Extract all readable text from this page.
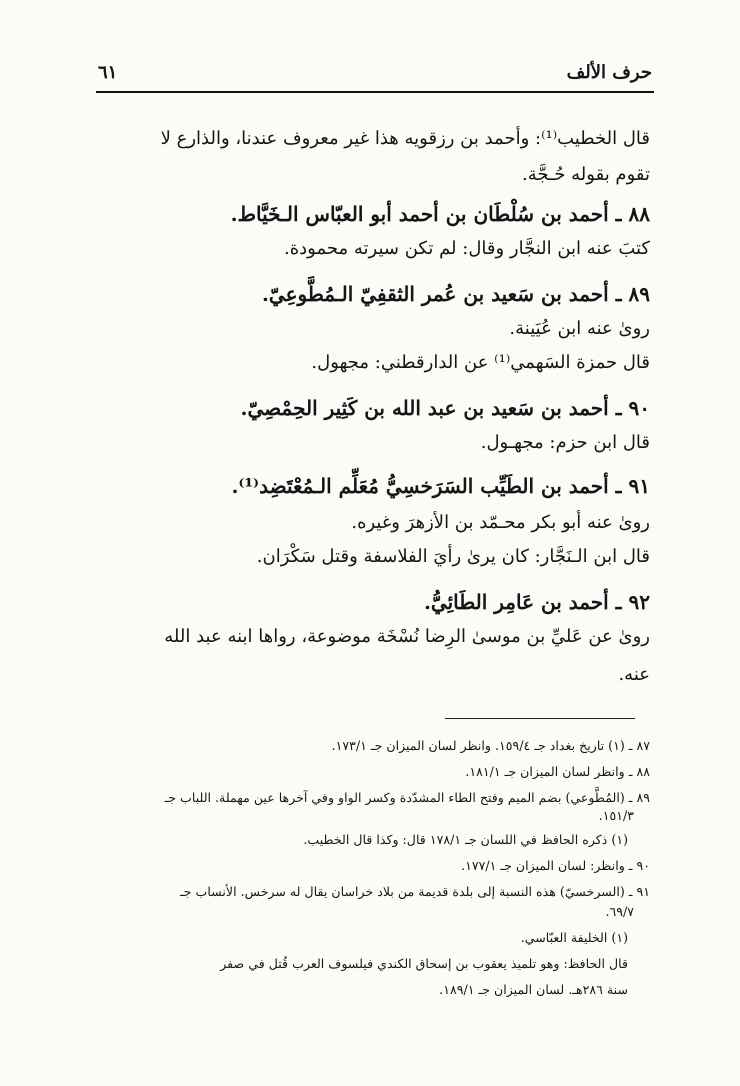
حرف الألف
٦١
قال الخطيب⁽¹⁾: وأحمد بن رزقويه هذا غير معروف عندنا، والذارع لا
تقوم بقوله حُـجَّة.
٨٨ ـ أحمد بن سُلْطَان بن أحمد أبو العبّاس الـخَيَّاط.
كتبَ عنه ابن النجَّار وقال: لم تكن سيرته محمودة.
٨٩ ـ أحمد بن سَعيد بن عُمر الثقفِيّ الـمُطَّوعِيّ.
روىٰ عنه ابن عُيَينة.
قال حمزة السَهمي⁽¹⁾ عن الدارقطني: مجهول.
٩٠ ـ أحمد بن سَعيد بن عبد الله بن كَثِير الحِمْصِيّ.
قال ابن حزم: مجهـول.
٩١ ـ أحمد بن الطَيِّب السَرَخسِيُّ مُعَلِّم الـمُعْتَضِد⁽¹⁾.
روىٰ عنه أبو بكر محـمّد بن الأزهرَ وغيره.
قال ابن الـنَجَّار: كان يرىٰ رأيَ الفلاسفة وقتل سَكْرَان.
٩٢ ـ أحمد بن عَامِر الطَائِيُّ.
روىٰ عن عَليِّ بن موسىٰ الرِضا نُسْخَة موضوعة، رواها ابنه عبد الله
عنه.
٨٧ ـ (١) تاريخ بغداد جـ ١٥٩/٤. وانظر لسان الميزان جـ ١٧٣/١.
٨٨ ـ وانظر لسان الميزان جـ ١٨١/١.
٨٩ ـ (المُطَّوعي) بضم الميم وفتح الطاء المشدّدة وكسر الواو وفي آخرها عين مهملة. اللباب جـ
١٥١/٣.
(١) ذكره الحافظ في اللسان جـ ١٧٨/١ قال: وكذا قال الخطيب.
٩٠ ـ وانظر: لسان الميزان جـ ١٧٧/١.
٩١ ـ (السرخسيّ) هذه النسبة إلى بلدة قديمة من بلاد خراسان يقال له سرخس. الأنساب جـ
٦٩/٧.
(١) الخليفة العبّاسي.
قال الحافظ: وهو تلميذ يعقوب بن إسحاق الكندي فيلسوف العرب قُتل في صفر
سنة ٢٨٦هـ. لسان الميزان جـ ١٨٩/١.
